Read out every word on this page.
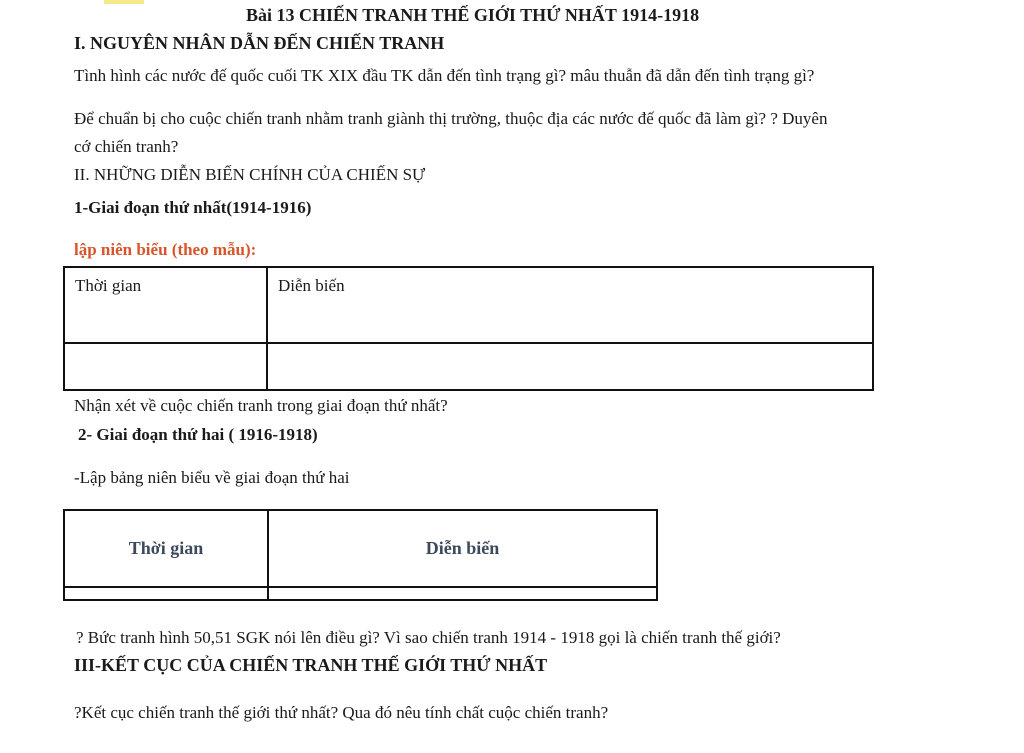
Bài 13 CHIẾN TRANH THẾ GIỚI THỨ NHẤT 1914-1918
I. NGUYÊN NHÂN DẪN ĐẾN CHIẾN TRANH
Tình hình các nước đế quốc cuối TK XIX đầu TK dẫn đến tình trạng gì? mâu thuẫn đã dẫn đến tình trạng gì?
Để chuẩn bị cho cuộc chiến tranh nhằm tranh giành thị trường, thuộc địa các nước đế quốc đã làm gì? ? Duyên
cớ chiến tranh?
II. NHỮNG DIỄN BIẾN CHÍNH CỦA CHIẾN SỰ
1-Giai đoạn thứ nhất(1914-1916)
lập niên biểu (theo mẫu):
Thời gian	Diễn biến

Nhận xét về cuộc chiến tranh trong giai đoạn thứ nhất?
2- Giai đoạn thứ hai ( 1916-1918)
-Lập bảng niên biểu về giai đoạn thứ hai
Thời gian	Diễn biến

? Bức tranh hình 50,51 SGK nói lên điều gì? Vì sao chiến tranh 1914 - 1918 gọi là chiến tranh thế giới?
III-KẾT CỤC CỦA CHIẾN TRANH THẾ GIỚI THỨ NHẤT
?Kết cục chiến tranh thế giới thứ nhất? Qua đó nêu tính chất cuộc chiến tranh?
